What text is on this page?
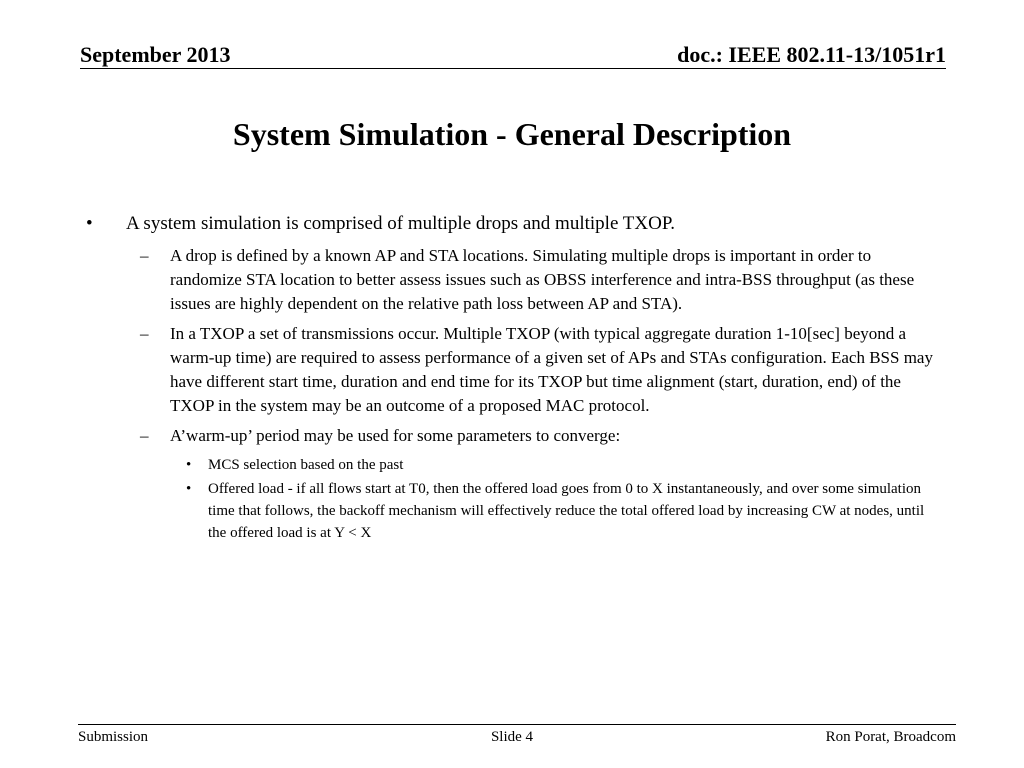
September 2013	doc.: IEEE 802.11-13/1051r1
System Simulation - General Description
• A system simulation is comprised of multiple drops and multiple TXOP.
– A drop is defined by a known AP and STA locations. Simulating multiple drops is important in order to randomize STA location to better assess issues such as OBSS interference and intra-BSS throughput (as these issues are highly dependent on the relative path loss between AP and STA).
– In a TXOP a set of transmissions occur. Multiple TXOP (with typical aggregate duration 1-10[sec] beyond a warm-up time) are required to assess performance of a given set of APs and STAs configuration. Each BSS may have different start time, duration and end time for its TXOP but time alignment (start, duration, end) of the TXOP in the system may be an outcome of a proposed MAC protocol.
– A’warm-up’ period may be used for some parameters to converge:
• MCS selection based on the past
• Offered load - if all flows start at T0, then the offered load goes from 0 to X instantaneously, and over some simulation time that follows, the backoff mechanism will effectively reduce the total offered load by increasing CW at nodes, until the offered load is at Y < X
Submission	Slide 4	Ron Porat, Broadcom
